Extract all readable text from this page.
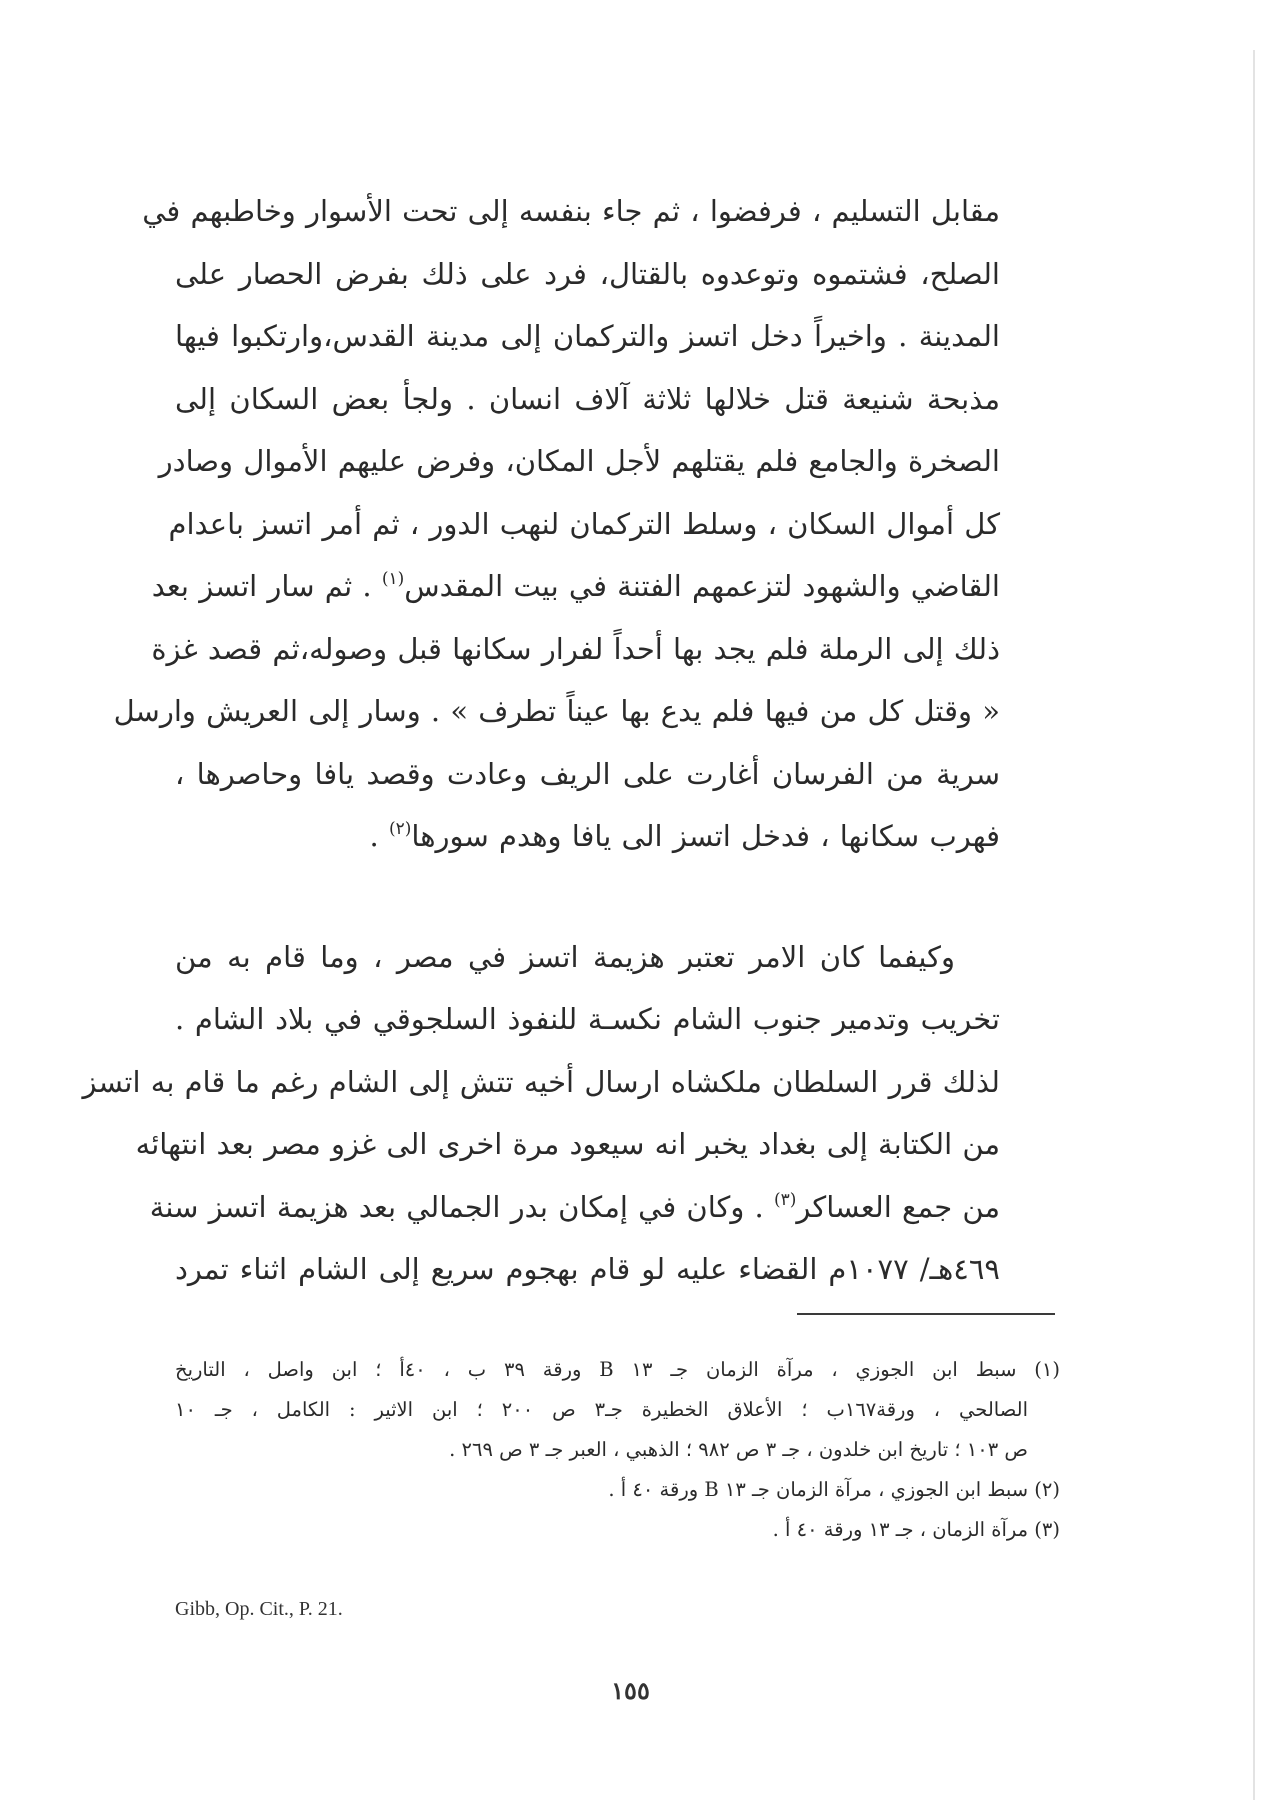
مقابل التسليم ، فرفضوا ، ثم جاء بنفسه إلى تحت الأسوار وخاطبهم في
الصلح، فشتموه وتوعدوه بالقتال، فرد على ذلك بفرض الحصار على
المدينة . واخيراً دخل اتسز والتركمان إلى مدينة القدس،وارتكبوا فيها
مذبحة شنيعة قتل خلالها ثلاثة آلاف انسان . ولجأ بعض السكان إلى
الصخرة والجامع فلم يقتلهم لأجل المكان، وفرض عليهم الأموال وصادر
كل أموال السكان ، وسلط التركمان لنهب الدور ، ثم أمر اتسز باعدام
القاضي والشهود لتزعمهم الفتنة في بيت المقدس$^{(١)}$ . ثم سار اتسز بعد
ذلك إلى الرملة فلم يجد بها أحداً لفرار سكانها قبل وصوله،ثم قصد غزة
« وقتل كل من فيها فلم يدع بها عيناً تطرف » . وسار إلى العريش وارسل
سرية من الفرسان أغارت على الريف وعادت وقصد يافا وحاصرها ،
فهرب سكانها ، فدخل اتسز الى يافا وهدم سورها$^{(٢)}$ .

وكيفما كان الامر تعتبر هزيمة اتسز في مصر ، وما قام به من
تخريب وتدمير جنوب الشام نكسـة للنفوذ السلجوقي في بلاد الشام .
لذلك قرر السلطان ملكشاه ارسال أخيه تتش إلى الشام رغم ما قام به اتسز
من الكتابة إلى بغداد يخبر انه سيعود مرة اخرى الى غزو مصر بعد انتهائه
من جمع العساكر$^{(٣)}$ . وكان في إمكان بدر الجمالي بعد هزيمة اتسز سنة
٤٦٩هـ/ ١٠٧٧م القضاء عليه لو قام بهجوم سريع إلى الشام اثناء تمرد

(١) سبط ابن الجوزي ، مرآة الزمان جـ ١٣ B ورقة ٣٩ ب ، ٤٠أ ؛ ابن واصل ، التاريخ
الصالحي ، ورقة١٦٧ب ؛ الأعلاق الخطيرة جـ٣ ص ٢٠٠ ؛ ابن الاثير : الكامل ، جـ ١٠
ص ١٠٣ ؛ تاريخ ابن خلدون ، جـ ٣ ص ٩٨٢ ؛ الذهبي ، العبر جـ ٣ ص ٢٦٩ .

(٢) سبط ابن الجوزي ، مرآة الزمان جـ ١٣ B ورقة ٤٠ أ .

(٣) مرآة الزمان ، جـ ١٣ ورقة ٤٠ أ .

Gibb, Op. Cit., P. 21.
١٥٥
